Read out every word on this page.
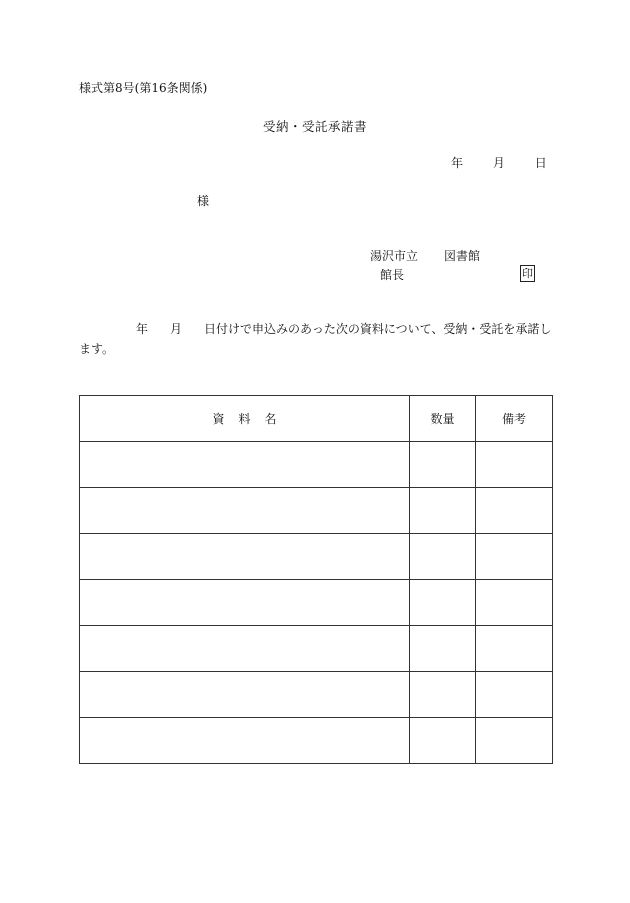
様式第8号(第16条関係)
受納・受託承諾書
年 月 日
様
湯沢市立 図書館
館長	印
年 月 日付けで申込みのあった次の資料について、受納・受託を承諾し
ます。
資料名	数量	備考
